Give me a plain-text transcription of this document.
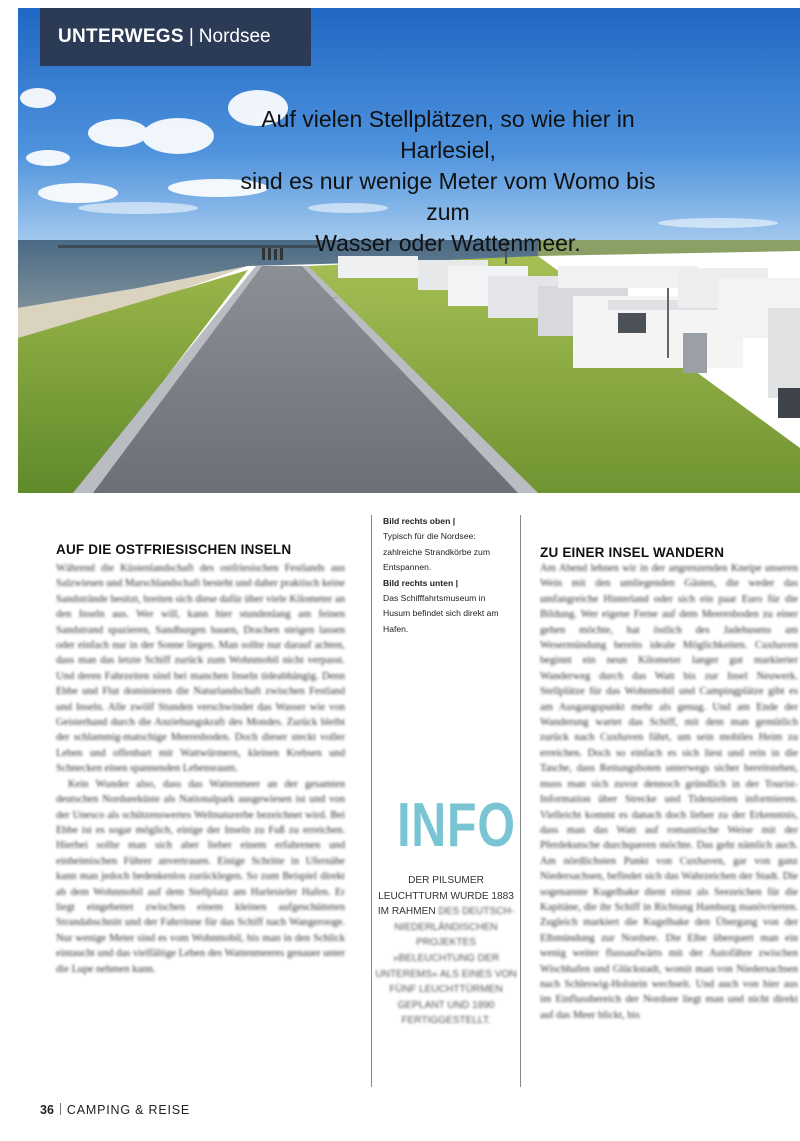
UNTERWEGS | Nordsee
Auf vielen Stellplätzen, so wie hier in Harlesiel,
sind es nur wenige Meter vom Womo bis zum
Wasser oder Wattenmeer.
AUF DIE OSTFRIESISCHEN INSELN

Während die Küstenlandschaft des ostfriesischen Festlands aus Salzwiesen und Marschlandschaft besteht und daher praktisch keine Sandstrände besitzt, breiten sich diese dafür über viele Kilometer an den Inseln aus. Wer will, kann hier stundenlang am feinen Sandstrand spazieren, Sandburgen bauen, Drachen steigen lassen oder einfach nur in der Sonne liegen. Man sollte nur darauf achten, dass man das letzte Schiff zurück zum Wohnmobil nicht verpasst. Und deren Fahrzeiten sind bei manchen Inseln tideabhängig. Denn Ebbe und Flut dominieren die Naturlandschaft zwischen Festland und Inseln. Alle zwölf Stunden verschwindet das Wasser wie von Geisterhand durch die Anziehungskraft des Mondes. Zurück bleibt der schlammig-matschige Meeresboden. Doch dieser steckt voller Leben und offenbart mit Wattwürmern, kleinen Krebsen und Schnecken einen spannenden Lebensraum.

Kein Wunder also, dass das Wattenmeer an der gesamten deutschen Nordseeküste als Nationalpark ausgewiesen ist und von der Unesco als schützenswertes Weltnaturerbe bezeichnet wird. Bei Ebbe ist es sogar möglich, einige der Inseln zu Fuß zu erreichen. Hierbei sollte man sich aber lieber einem erfahrenen und einheimischen Führer anvertrauen. Einige Schritte in Ufernähe kann man jedoch bedenkenlos zurücklegen. So zum Beispiel direkt ab dem Wohnmobil auf dem Stellplatz am Harlesieler Hafen. Er liegt eingebettet zwischen einem kleinen aufgeschütteten Strandabschnitt und der Fahrrinne für das Schiff nach Wangerooge. Nur wenige Meter sind es vom Wohnmobil, bis man in den Schlick eintaucht und das vielfältige Leben des Wattenmeeres genauer unter die Lupe nehmen kann.

Bild rechts oben |
Typisch für die Nordsee: zahlreiche Strandkörbe zum Entspannen.
Bild rechts unten |
Das Schifffahrtsmuseum in Husum befindet sich direkt am Hafen.
INFO
DER PILSUMER LEUCHTTURM WURDE 1883 IM RAHMEN DES DEUTSCH-NIEDERLÄNDISCHEN PROJEKTES »BELEUCHTUNG DER UNTEREMS« ALS EINES VON FÜNF LEUCHTTÜRMEN GEPLANT UND 1890 FERTIGGESTELLT.
ZU EINER INSEL WANDERN

Am Abend lehnen wir in der angrenzenden Kneipe unseren Wein mit den umliegenden Gästen, die weder das umfangreiche Hinterland oder sich ein paar Euro für die Bildung. Wer eigene Ferne auf dem Meeresboden zu einer gehen möchte, hat östlich des Jadebusens am Wesermündung bereits ideale Möglichkeiten. Cuxhaven beginnt ein neun Kilometer langer gut markierter Wanderweg durch das Watt bis zur Insel Neuwerk. Stellplätze für das Wohnmobil und Campingplätze gibt es am Ausgangspunkt mehr als genug. Und am Ende der Wanderung wartet das Schiff, mit dem man gemütlich zurück nach Cuxhaven fährt, um sein mobiles Heim zu erreichen. Doch so einfach es sich liest und rein in die Tasche, dass Rettungsboten unterwegs sicher bereitstehen, muss man sich zuvor dennoch gründlich in der Tourist-Information über Strecke und Tidenzeiten informieren. Vielleicht kommt es danach doch lieber zu der Erkenntnis, dass man das Watt auf romantische Weise mit der Pferdekutsche durchqueren möchte. Das geht nämlich auch. Am nördlichsten Punkt von Cuxhaven, gar von ganz Niedersachsen, befindet sich das Wahrzeichen der Stadt. Die sogenannte Kugelbake dient einst als Seezeichen für die Kapitäne, die ihr Schiff in Richtung Hamburg manövrierten. Zugleich markiert die Kugelbake den Übergang von der Elbmündung zur Nordsee. Die Elbe überquert man ein wenig weiter flussaufwärts mit der Autofähre zwischen Wischhafen und Glückstadt, womit man von Niedersachsen nach Schleswig-Holstein wechselt. Und auch von hier aus im Einflussbereich der Nordsee liegt man und nicht direkt auf das Meer blickt, bis

36 CAMPING & REISE
